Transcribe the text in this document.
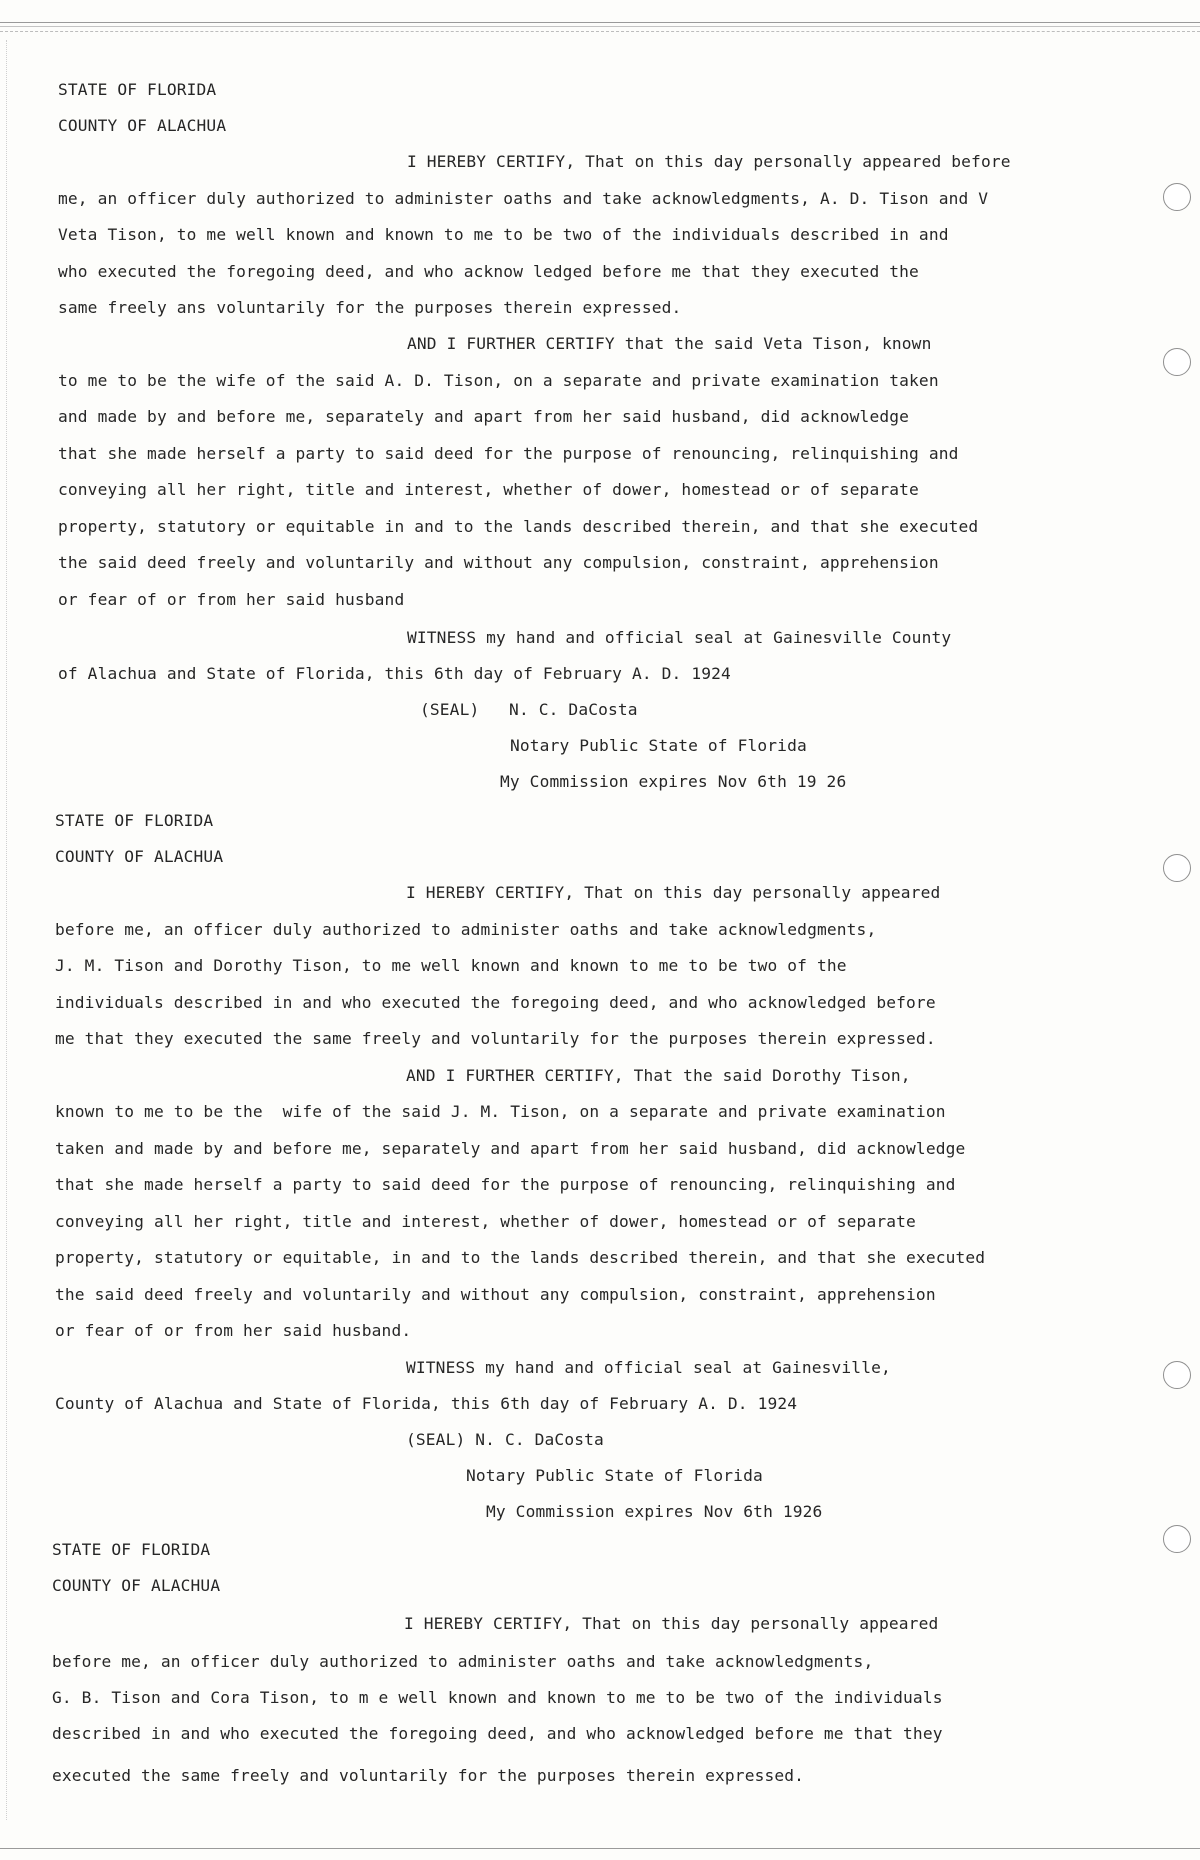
STATE OF FLORIDA

COUNTY OF ALACHUA

I HEREBY CERTIFY, That on this day personally appeared before

me, an officer duly authorized to administer oaths and take acknowledgments, A. D. Tison and V

Veta Tison, to me well known and known to me to be two of the individuals described in and

who executed the foregoing deed, and who acknow ledged before me that they executed the

same freely ans voluntarily for the purposes therein expressed.

AND I FURTHER CERTIFY that the said Veta Tison, known

to me to be the wife of the said A. D. Tison, on a separate and private examination taken

and made by and before me, separately and apart from her said husband, did acknowledge

that she made herself a party to said deed for the purpose of renouncing, relinquishing and

conveying all her right, title and interest, whether of dower, homestead or of separate

property, statutory or equitable in and to the lands described therein, and that she executed

the said deed freely and voluntarily and without any compulsion, constraint, apprehension

or fear of or from her said husband

WITNESS my hand and official seal at Gainesville County

of Alachua and State of Florida, this 6th day of February A. D. 1924

(SEAL)   N. C. DaCosta

Notary Public State of Florida

My Commission expires Nov 6th 19 26

STATE OF FLORIDA

COUNTY OF ALACHUA

I HEREBY CERTIFY, That on this day personally appeared

before me, an officer duly authorized to administer oaths and take acknowledgments,

J. M. Tison and Dorothy Tison, to me well known and known to me to be two of the

individuals described in and who executed the foregoing deed, and who acknowledged before

me that they executed the same freely and voluntarily for the purposes therein expressed.

AND I FURTHER CERTIFY, That the said Dorothy Tison,

known to me to be the  wife of the said J. M. Tison, on a separate and private examination

taken and made by and before me, separately and apart from her said husband, did acknowledge

that she made herself a party to said deed for the purpose of renouncing, relinquishing and

conveying all her right, title and interest, whether of dower, homestead or of separate

property, statutory or equitable, in and to the lands described therein, and that she executed

the said deed freely and voluntarily and without any compulsion, constraint, apprehension

or fear of or from her said husband.

WITNESS my hand and official seal at Gainesville,

County of Alachua and State of Florida, this 6th day of February A. D. 1924

(SEAL) N. C. DaCosta

Notary Public State of Florida

My Commission expires Nov 6th 1926

STATE OF FLORIDA

COUNTY OF ALACHUA

I HEREBY CERTIFY, That on this day personally appeared

before me, an officer duly authorized to administer oaths and take acknowledgments,

G. B. Tison and Cora Tison, to m e well known and known to me to be two of the individuals

described in and who executed the foregoing deed, and who acknowledged before me that they

executed the same freely and voluntarily for the purposes therein expressed.
